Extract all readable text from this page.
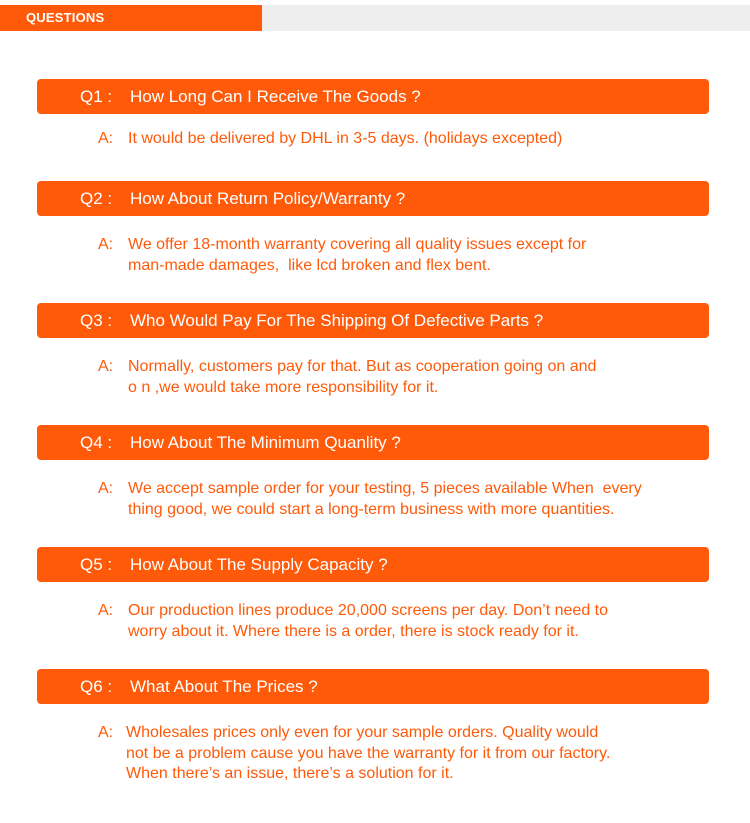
QUESTIONS
Q1 : How Long Can I Receive The Goods ?
A: It would be delivered by DHL in 3-5 days. (holidays excepted)
Q2 : How About Return Policy/Warranty ?
A: We offer 18-month warranty covering all quality issues except for
man-made damages,  like lcd broken and flex bent.
Q3 : Who Would Pay For The Shipping Of Defective Parts ?
A: Normally, customers pay for that. But as cooperation going on and
o n ,we would take more responsibility for it.
Q4 : How About The Minimum Quanlity ?
A: We accept sample order for your testing, 5 pieces available When  every
thing good, we could start a long-term business with more quantities.
Q5 : How About The Supply Capacity ?
A: Our production lines produce 20,000 screens per day. Don’t need to
worry about it. Where there is a order, there is stock ready for it.
Q6 : What About The Prices ?
A: Wholesales prices only even for your sample orders. Quality would
not be a problem cause you have the warranty for it from our factory.
When there’s an issue, there’s a solution for it.
